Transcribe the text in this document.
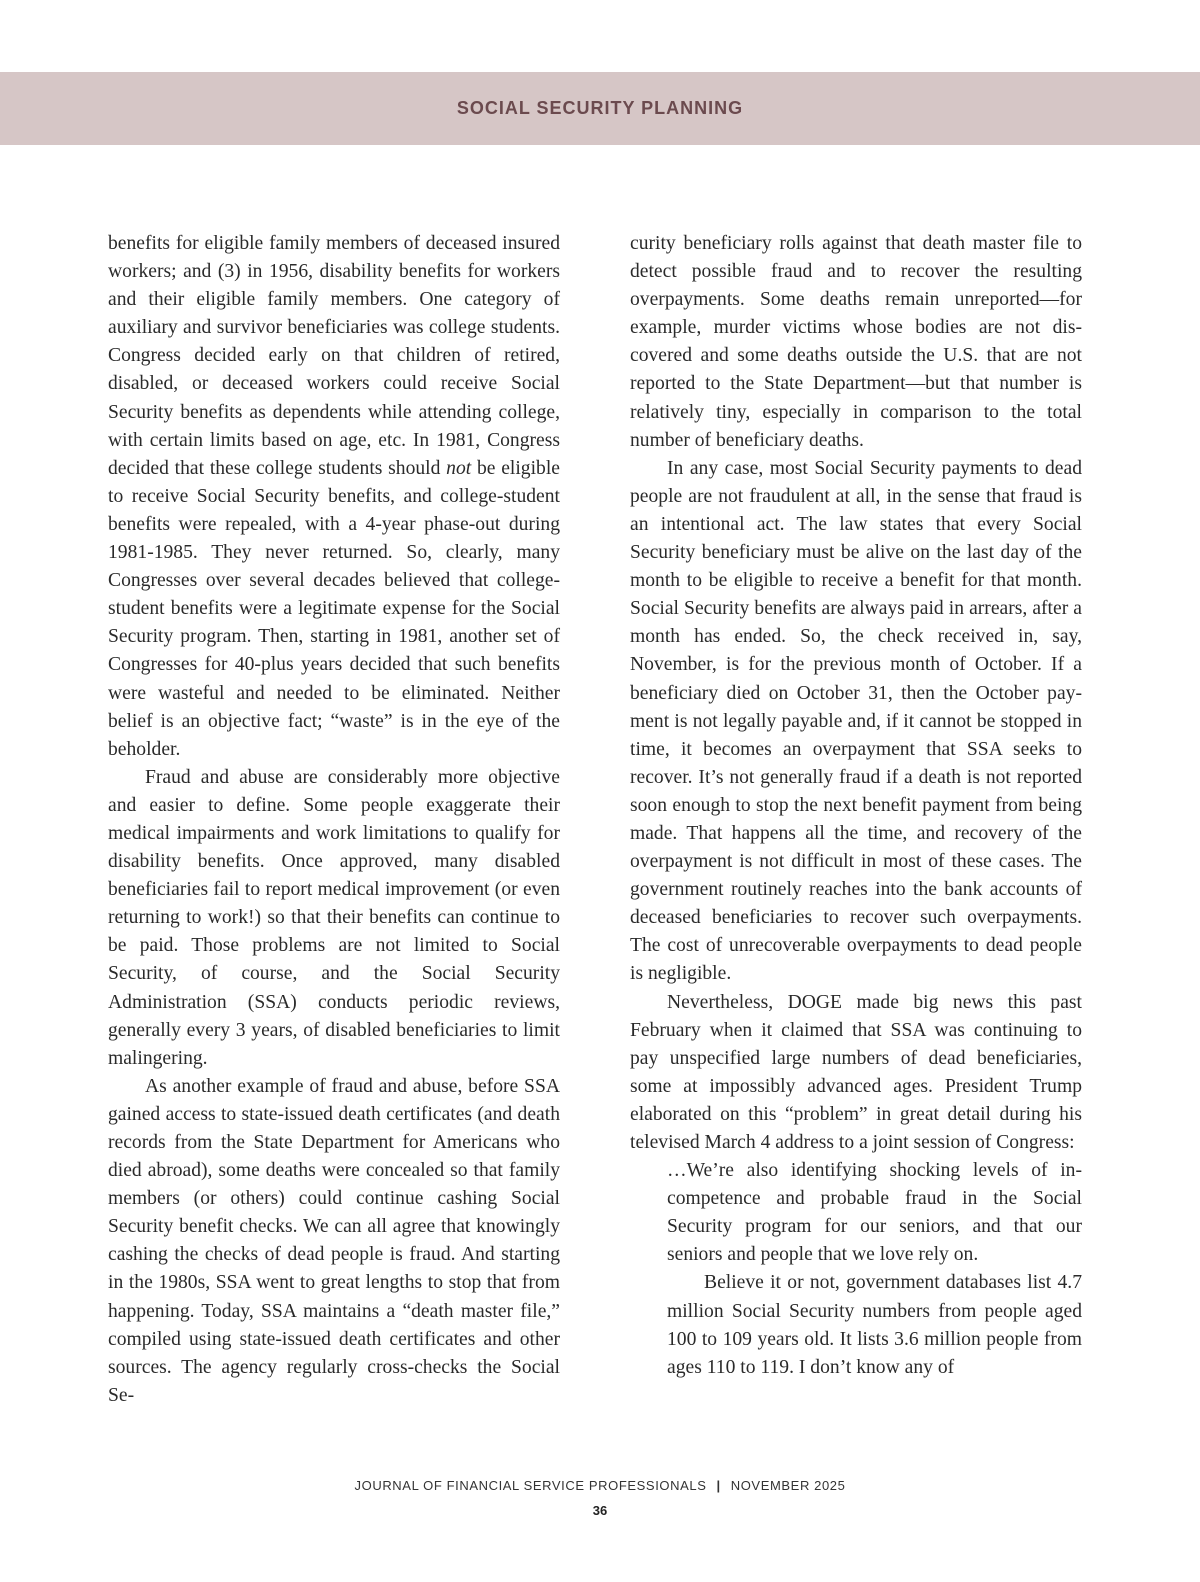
SOCIAL SECURITY PLANNING

benefits for eligible family members of deceased insured workers; and (3) in 1956, disability benefits for workers and their eligible family members. One category of auxiliary and survivor beneficiaries was college students. Congress decided early on that children of retired, disabled, or deceased workers could receive Social Security benefits as dependents while attending college, with certain limits based on age, etc. In 1981, Congress decided that these college students should not be eligible to receive Social Security benefits, and college-student benefits were repealed, with a 4-year phase-out during 1981-1985. They never returned. So, clearly, many Congresses over several decades believed that college-student benefits were a legitimate expense for the Social Security program. Then, starting in 1981, another set of Congresses for 40-plus years decided that such benefits were wasteful and needed to be eliminated. Neither belief is an objective fact; “waste” is in the eye of the beholder.

Fraud and abuse are considerably more objective and easier to define. Some people exaggerate their medical impairments and work limitations to qualify for disability benefits. Once approved, many disabled beneficiaries fail to report medical improvement (or even returning to work!) so that their benefits can continue to be paid. Those problems are not limited to Social Security, of course, and the Social Security Administration (SSA) conducts periodic reviews, generally every 3 years, of disabled beneficiaries to limit malingering.

As another example of fraud and abuse, before SSA gained access to state-issued death certificates (and death records from the State Department for Americans who died abroad), some deaths were concealed so that family members (or others) could continue cashing Social Security benefit checks. We can all agree that knowingly cashing the checks of dead people is fraud. And starting in the 1980s, SSA went to great lengths to stop that from happening. Today, SSA maintains a “death master file,” compiled using state-issued death certificates and other sources. The agency regularly cross-checks the Social Se-

curity beneficiary rolls against that death master file to detect possible fraud and to recover the resulting overpayments. Some deaths remain unreported—for example, murder victims whose bodies are not discovered and some deaths outside the U.S. that are not reported to the State Department—but that number is relatively tiny, especially in comparison to the total number of beneficiary deaths.

In any case, most Social Security payments to dead people are not fraudulent at all, in the sense that fraud is an intentional act. The law states that every Social Security beneficiary must be alive on the last day of the month to be eligible to receive a benefit for that month. Social Security benefits are always paid in arrears, after a month has ended. So, the check received in, say, November, is for the previous month of October. If a beneficiary died on October 31, then the October payment is not legally payable and, if it cannot be stopped in time, it becomes an overpayment that SSA seeks to recover. It’s not generally fraud if a death is not reported soon enough to stop the next benefit payment from being made. That happens all the time, and recovery of the overpayment is not difficult in most of these cases. The government routinely reaches into the bank accounts of deceased beneficiaries to recover such overpayments. The cost of unrecoverable overpayments to dead people is negligible.

Nevertheless, DOGE made big news this past February when it claimed that SSA was continuing to pay unspecified large numbers of dead beneficiaries, some at impossibly advanced ages. President Trump elaborated on this “problem” in great detail during his televised March 4 address to a joint session of Congress:

…We’re also identifying shocking levels of incompetence and probable fraud in the Social Security program for our seniors, and that our seniors and people that we love rely on.

Believe it or not, government databases list 4.7 million Social Security numbers from people aged 100 to 109 years old. It lists 3.6 million people from ages 110 to 119. I don’t know any of

JOURNAL OF FINANCIAL SERVICE PROFESSIONALS | NOVEMBER 2025
36
